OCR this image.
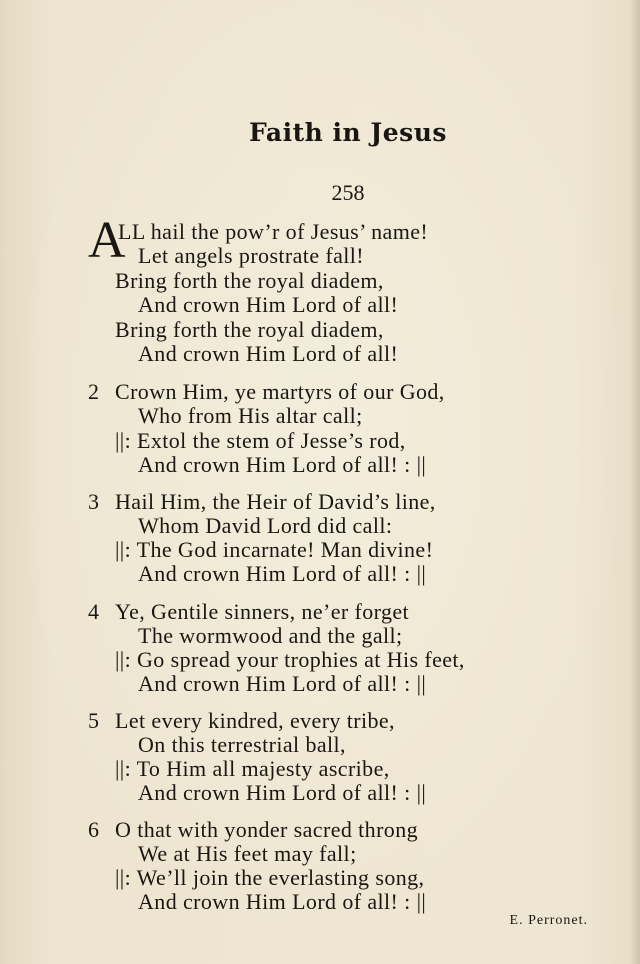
Faith in Jesus
258
A
LL hail the pow’r of Jesus’ name!
Let angels prostrate fall!
Bring forth the royal diadem,
And crown Him Lord of all!
Bring forth the royal diadem,
And crown Him Lord of all!
2 Crown Him, ye martyrs of our God,
Who from His altar call;
||: Extol the stem of Jesse’s rod,
And crown Him Lord of all! : ||
3 Hail Him, the Heir of David’s line,
Whom David Lord did call:
||: The God incarnate! Man divine!
And crown Him Lord of all! : ||
4 Ye, Gentile sinners, ne’er forget
The wormwood and the gall;
||: Go spread your trophies at His feet,
And crown Him Lord of all! : ||
5 Let every kindred, every tribe,
On this terrestrial ball,
||: To Him all majesty ascribe,
And crown Him Lord of all! : ||
6 O that with yonder sacred throng
We at His feet may fall;
||: We’ll join the everlasting song,
And crown Him Lord of all! : ||
E. Perronet.
